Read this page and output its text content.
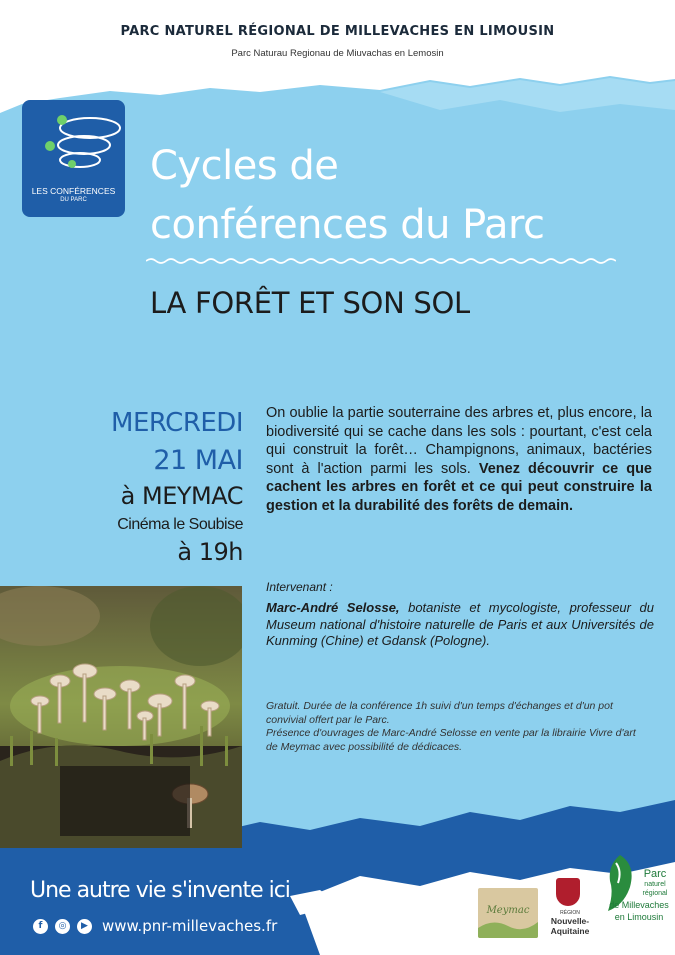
PARC NATUREL RÉGIONAL DE MILLEVACHES EN LIMOUSIN
Parc Naturau Regionau de Miuvachas en Lemosin
LES CONFÉRENCES
DU PARC
Cycles de
conférences du Parc
LA FORÊT ET SON SOL
MERCREDI
21 MAI
à MEYMAC
Cinéma le Soubise
à 19h
On oublie la partie souterraine des arbres et, plus encore, la biodiversité qui se cache dans les sols : pourtant, c'est cela qui construit la forêt… Champignons, animaux, bactéries sont à l'action parmi les sols. Venez découvrir ce que cachent les arbres en forêt et ce qui peut construire la gestion et la durabilité des forêts de demain.
Intervenant :
Marc-André Selosse, botaniste et mycologiste, professeur du Museum national d'histoire naturelle de Paris et aux Universités de Kunming (Chine) et Gdansk (Pologne).

Gratuit. Durée de la conférence 1h suivi d'un temps d'échanges et d'un pot convivial offert par le Parc.

Présence d'ouvrages de Marc-André Selosse en vente par la librairie Vivre d'art de Meymac avec possibilité de dédicaces.

Une autre vie s'invente ici
f	◎	▶ www.pnr-millevaches.fr
Meymac	RÉGION
Nouvelle-
Aquitaine
Parc
naturel
régional
de Millevaches
en Limousin
